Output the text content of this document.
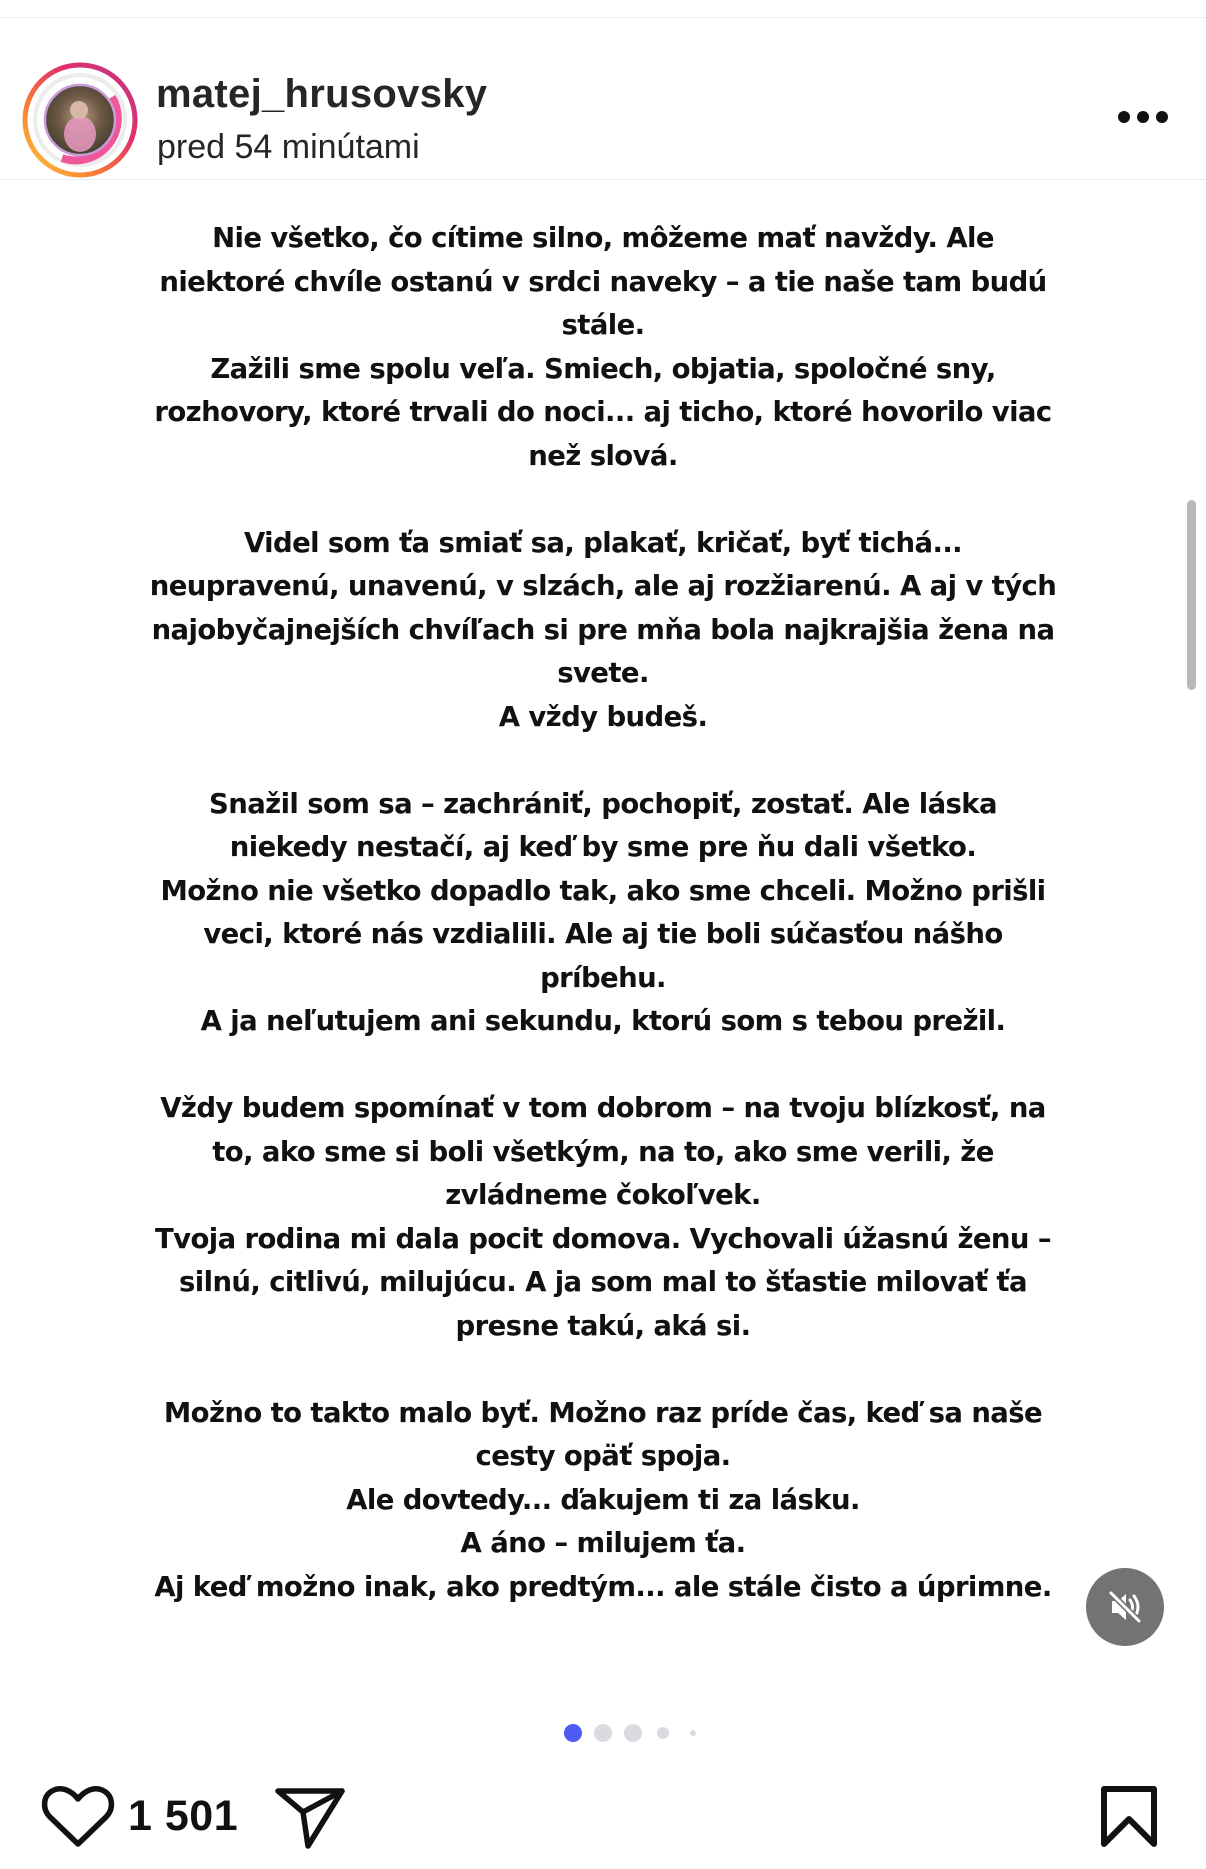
matej_hrusovsky
pred 54 minútami
Nie všetko, čo cítime silno, môžeme mať navždy. Ale
niektoré chvíle ostanú v srdci naveky – a tie naše tam budú
stále.
Zažili sme spolu veľa. Smiech, objatia, spoločné sny,
rozhovory, ktoré trvali do noci... aj ticho, ktoré hovorilo viac
než slová.
Videl som ťa smiať sa, plakať, kričať, byť tichá...
neupravenú, unavenú, v slzách, ale aj rozžiarenú. A aj v tých
najobyčajnejších chvíľach si pre mňa bola najkrajšia žena na
svete.
A vždy budeš.
Snažil som sa – zachrániť, pochopiť, zostať. Ale láska
niekedy nestačí, aj keď by sme pre ňu dali všetko.
Možno nie všetko dopadlo tak, ako sme chceli. Možno prišli
veci, ktoré nás vzdialili. Ale aj tie boli súčasťou nášho
príbehu.
A ja neľutujem ani sekundu, ktorú som s tebou prežil.
Vždy budem spomínať v tom dobrom – na tvoju blízkosť, na
to, ako sme si boli všetkým, na to, ako sme verili, že
zvládneme čokoľvek.
Tvoja rodina mi dala pocit domova. Vychovali úžasnú ženu –
silnú, citlivú, milujúcu. A ja som mal to šťastie milovať ťa
presne takú, aká si.
Možno to takto malo byť. Možno raz príde čas, keď sa naše
cesty opäť spoja.
Ale dovtedy... ďakujem ti za lásku.
A áno – milujem ťa.
Aj keď možno inak, ako predtým... ale stále čisto a úprimne.
1 501
